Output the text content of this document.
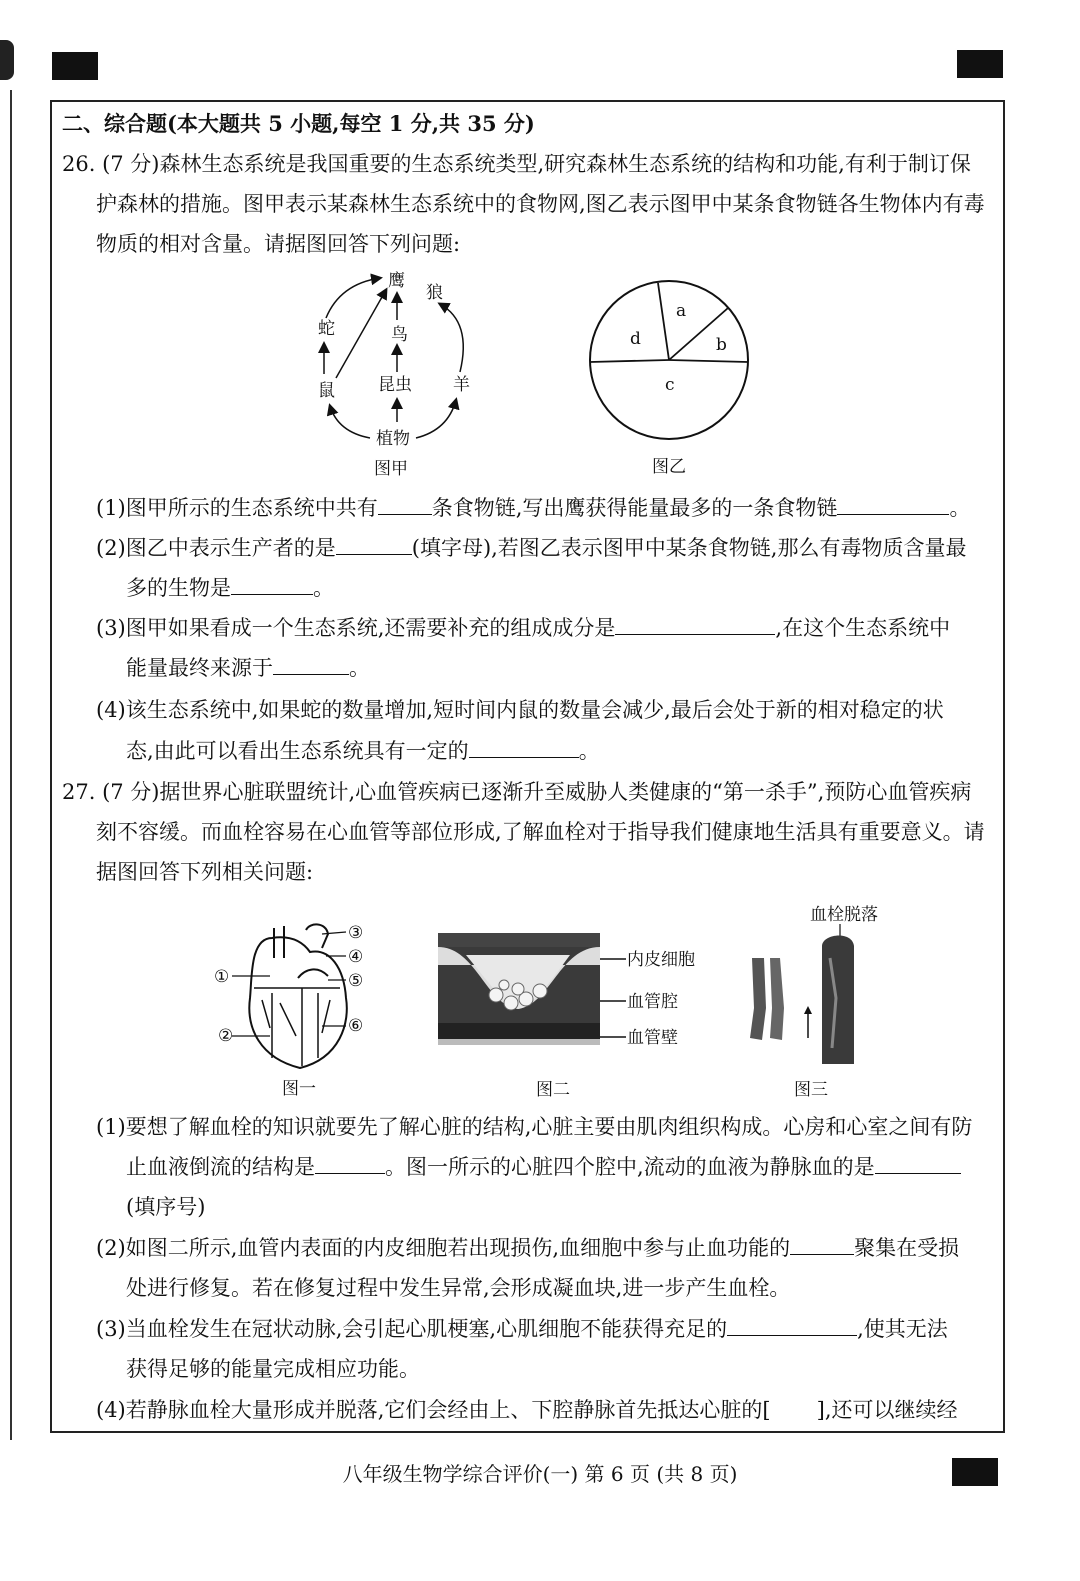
二、综合题(本大题共 5 小题,每空 1 分,共 35 分)
26. (7 分)森林生态系统是我国重要的生态系统类型,研究森林生态系统的结构和功能,有利于制订保
护森林的措施。图甲表示某森林生态系统中的食物网,图乙表示图甲中某条食物链各生物体内有毒
物质的相对含量。请据图回答下列问题:
鹰
狼
蛇	鸟
鼠	昆虫 羊
植物
图甲
a
b
c
d
图乙
(1)图甲所示的生态系统中共有	条食物链,写出鹰获得能量最多的一条食物链	。
(2)图乙中表示生产者的是	(填字母),若图乙表示图甲中某条食物链,那么有毒物质含量最
多的生物是	。
(3)图甲如果看成一个生态系统,还需要补充的组成成分是	,在这个生态系统中
能量最终来源于	。
(4)该生态系统中,如果蛇的数量增加,短时间内鼠的数量会减少,最后会处于新的相对稳定的状
态,由此可以看出生态系统具有一定的	。
27. (7 分)据世界心脏联盟统计,心血管疾病已逐渐升至威胁人类健康的“第一杀手”,预防心血管疾病
刻不容缓。而血栓容易在心血管等部位形成,了解血栓对于指导我们健康地生活具有重要意义。请
据图回答下列相关问题:
①
②
③
④
⑤
⑥
图一
内皮细胞
血管腔
血管壁
图二
血栓脱落
图三
(1)要想了解血栓的知识就要先了解心脏的结构,心脏主要由肌肉组织构成。心房和心室之间有防
止血液倒流的结构是	。图一所示的心脏四个腔中,流动的血液为静脉血的是
(填序号)
(2)如图二所示,血管内表面的内皮细胞若出现损伤,血细胞中参与止血功能的	聚集在受损
处进行修复。若在修复过程中发生异常,会形成凝血块,进一步产生血栓。
(3)当血栓发生在冠状动脉,会引起心肌梗塞,心肌细胞不能获得充足的	,使其无法
获得足够的能量完成相应功能。
(4)若静脉血栓大量形成并脱落,它们会经由上、下腔静脉首先抵达心脏的[ ],还可以继续经
八年级生物学综合评价(一) 第 6 页 (共 8 页)
